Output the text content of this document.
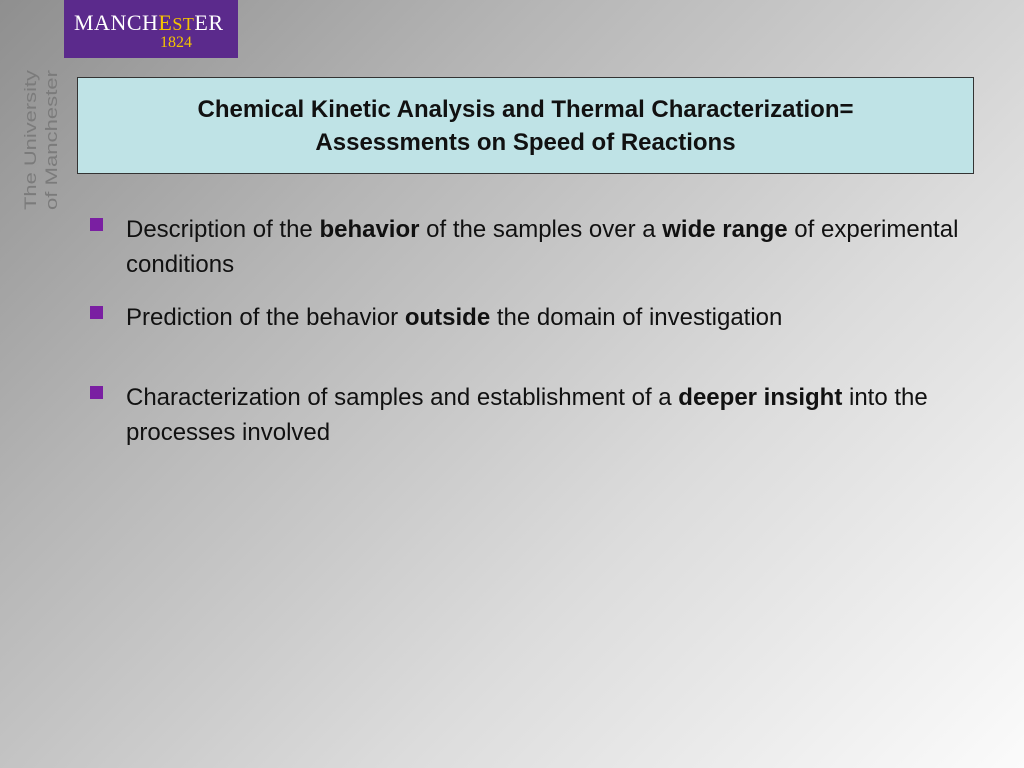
MANCHESTER
1824
The University of Manchester	Chemical Kinetic Analysis and Thermal Characterization=
Assessments on Speed of Reactions

Description of the behavior of the samples over a wide range of experimental conditions
Prediction of the behavior outside the domain of investigation
Characterization of samples and establishment of a deeper insight into the processes involved
